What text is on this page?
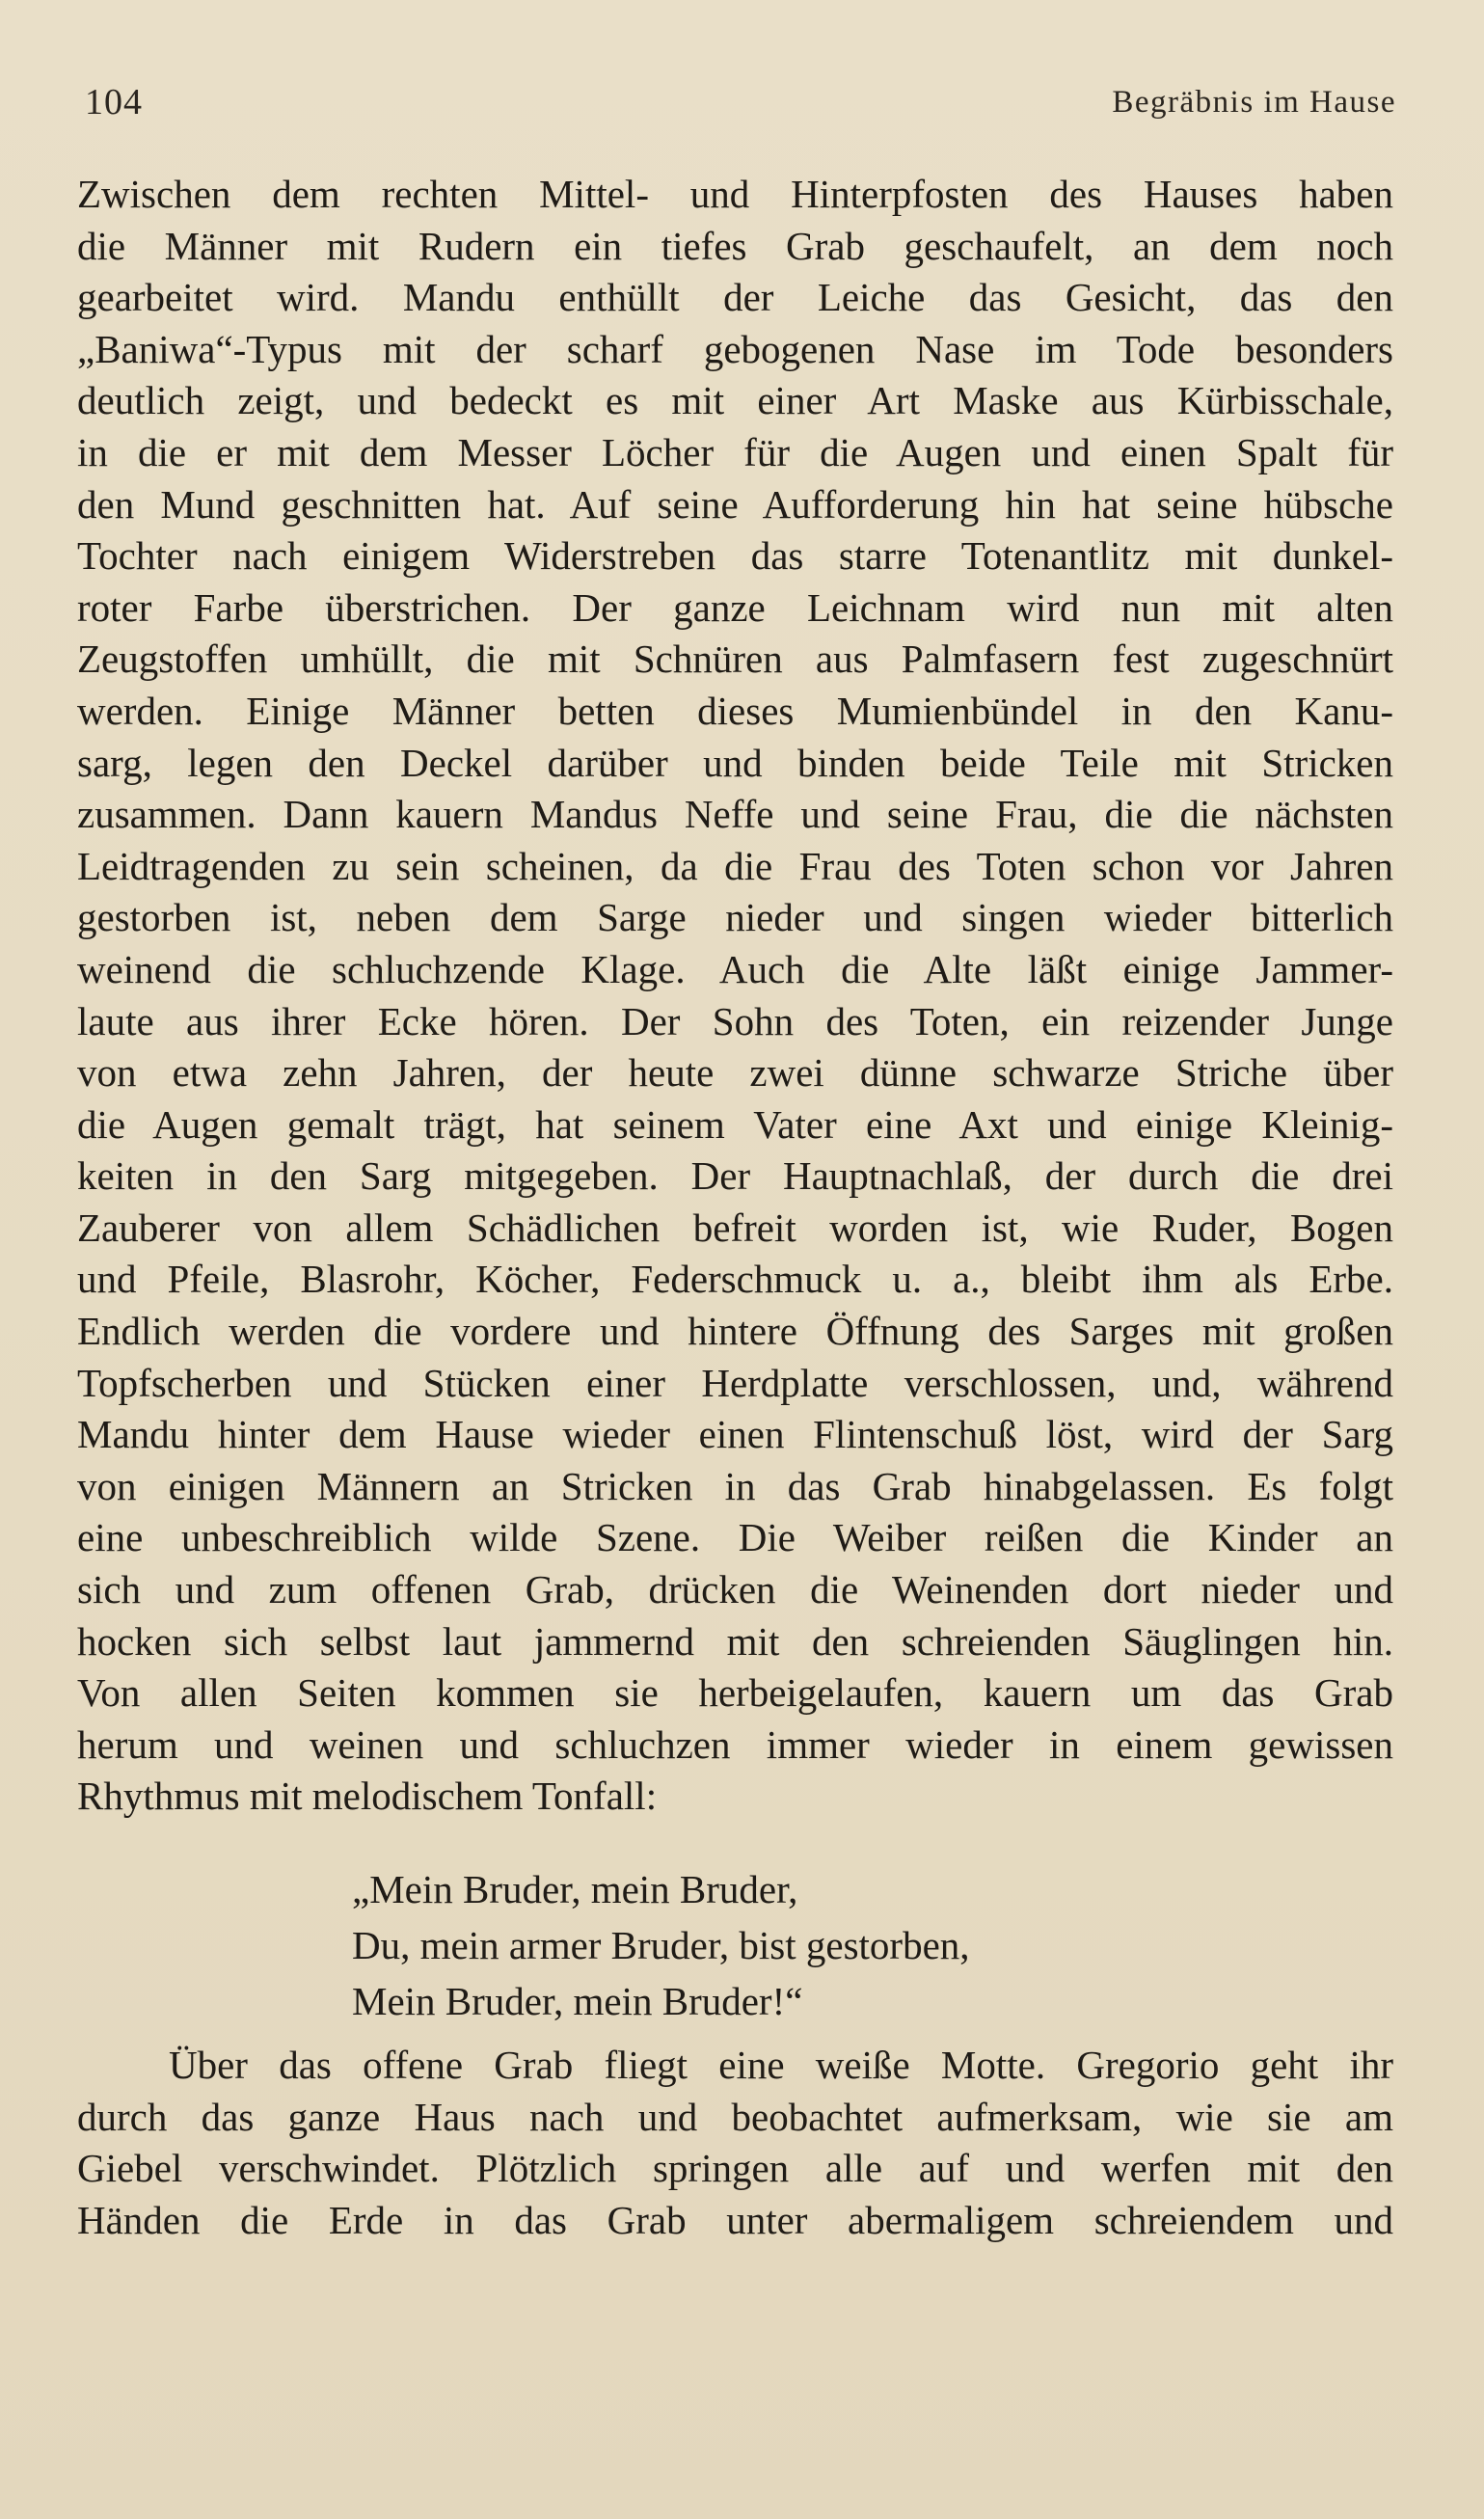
104	Begräbnis im Hause
Zwischen dem rechten Mittel- und Hinterpfosten des Hauses haben
die Männer mit Rudern ein tiefes Grab geschaufelt, an dem noch
gearbeitet wird. Mandu enthüllt der Leiche das Gesicht, das den
„Baniwa“-Typus mit der scharf gebogenen Nase im Tode besonders
deutlich zeigt, und bedeckt es mit einer Art Maske aus Kürbisschale,
in die er mit dem Messer Löcher für die Augen und einen Spalt für
den Mund geschnitten hat. Auf seine Aufforderung hin hat seine hübsche
Tochter nach einigem Widerstreben das starre Totenantlitz mit dunkel-
roter Farbe überstrichen. Der ganze Leichnam wird nun mit alten
Zeugstoffen umhüllt, die mit Schnüren aus Palmfasern fest zugeschnürt
werden. Einige Männer betten dieses Mumienbündel in den Kanu-
sarg, legen den Deckel darüber und binden beide Teile mit Stricken
zusammen. Dann kauern Mandus Neffe und seine Frau, die die nächsten
Leidtragenden zu sein scheinen, da die Frau des Toten schon vor Jahren
gestorben ist, neben dem Sarge nieder und singen wieder bitterlich
weinend die schluchzende Klage. Auch die Alte läßt einige Jammer-
laute aus ihrer Ecke hören. Der Sohn des Toten, ein reizender Junge
von etwa zehn Jahren, der heute zwei dünne schwarze Striche über
die Augen gemalt trägt, hat seinem Vater eine Axt und einige Kleinig-
keiten in den Sarg mitgegeben. Der Hauptnachlaß, der durch die drei
Zauberer von allem Schädlichen befreit worden ist, wie Ruder, Bogen
und Pfeile, Blasrohr, Köcher, Federschmuck u. a., bleibt ihm als Erbe.
Endlich werden die vordere und hintere Öffnung des Sarges mit großen
Topfscherben und Stücken einer Herdplatte verschlossen, und, während
Mandu hinter dem Hause wieder einen Flintenschuß löst, wird der Sarg
von einigen Männern an Stricken in das Grab hinabgelassen. Es folgt
eine unbeschreiblich wilde Szene. Die Weiber reißen die Kinder an
sich und zum offenen Grab, drücken die Weinenden dort nieder und
hocken sich selbst laut jammernd mit den schreienden Säuglingen hin.
Von allen Seiten kommen sie herbeigelaufen, kauern um das Grab
herum und weinen und schluchzen immer wieder in einem gewissen
Rhythmus mit melodischem Tonfall:
„Mein Bruder, mein Bruder,
Du, mein armer Bruder, bist gestorben,
Mein Bruder, mein Bruder!“
Über das offene Grab fliegt eine weiße Motte. Gregorio geht ihr
durch das ganze Haus nach und beobachtet aufmerksam, wie sie am
Giebel verschwindet. Plötzlich springen alle auf und werfen mit den
Händen die Erde in das Grab unter abermaligem schreiendem und
